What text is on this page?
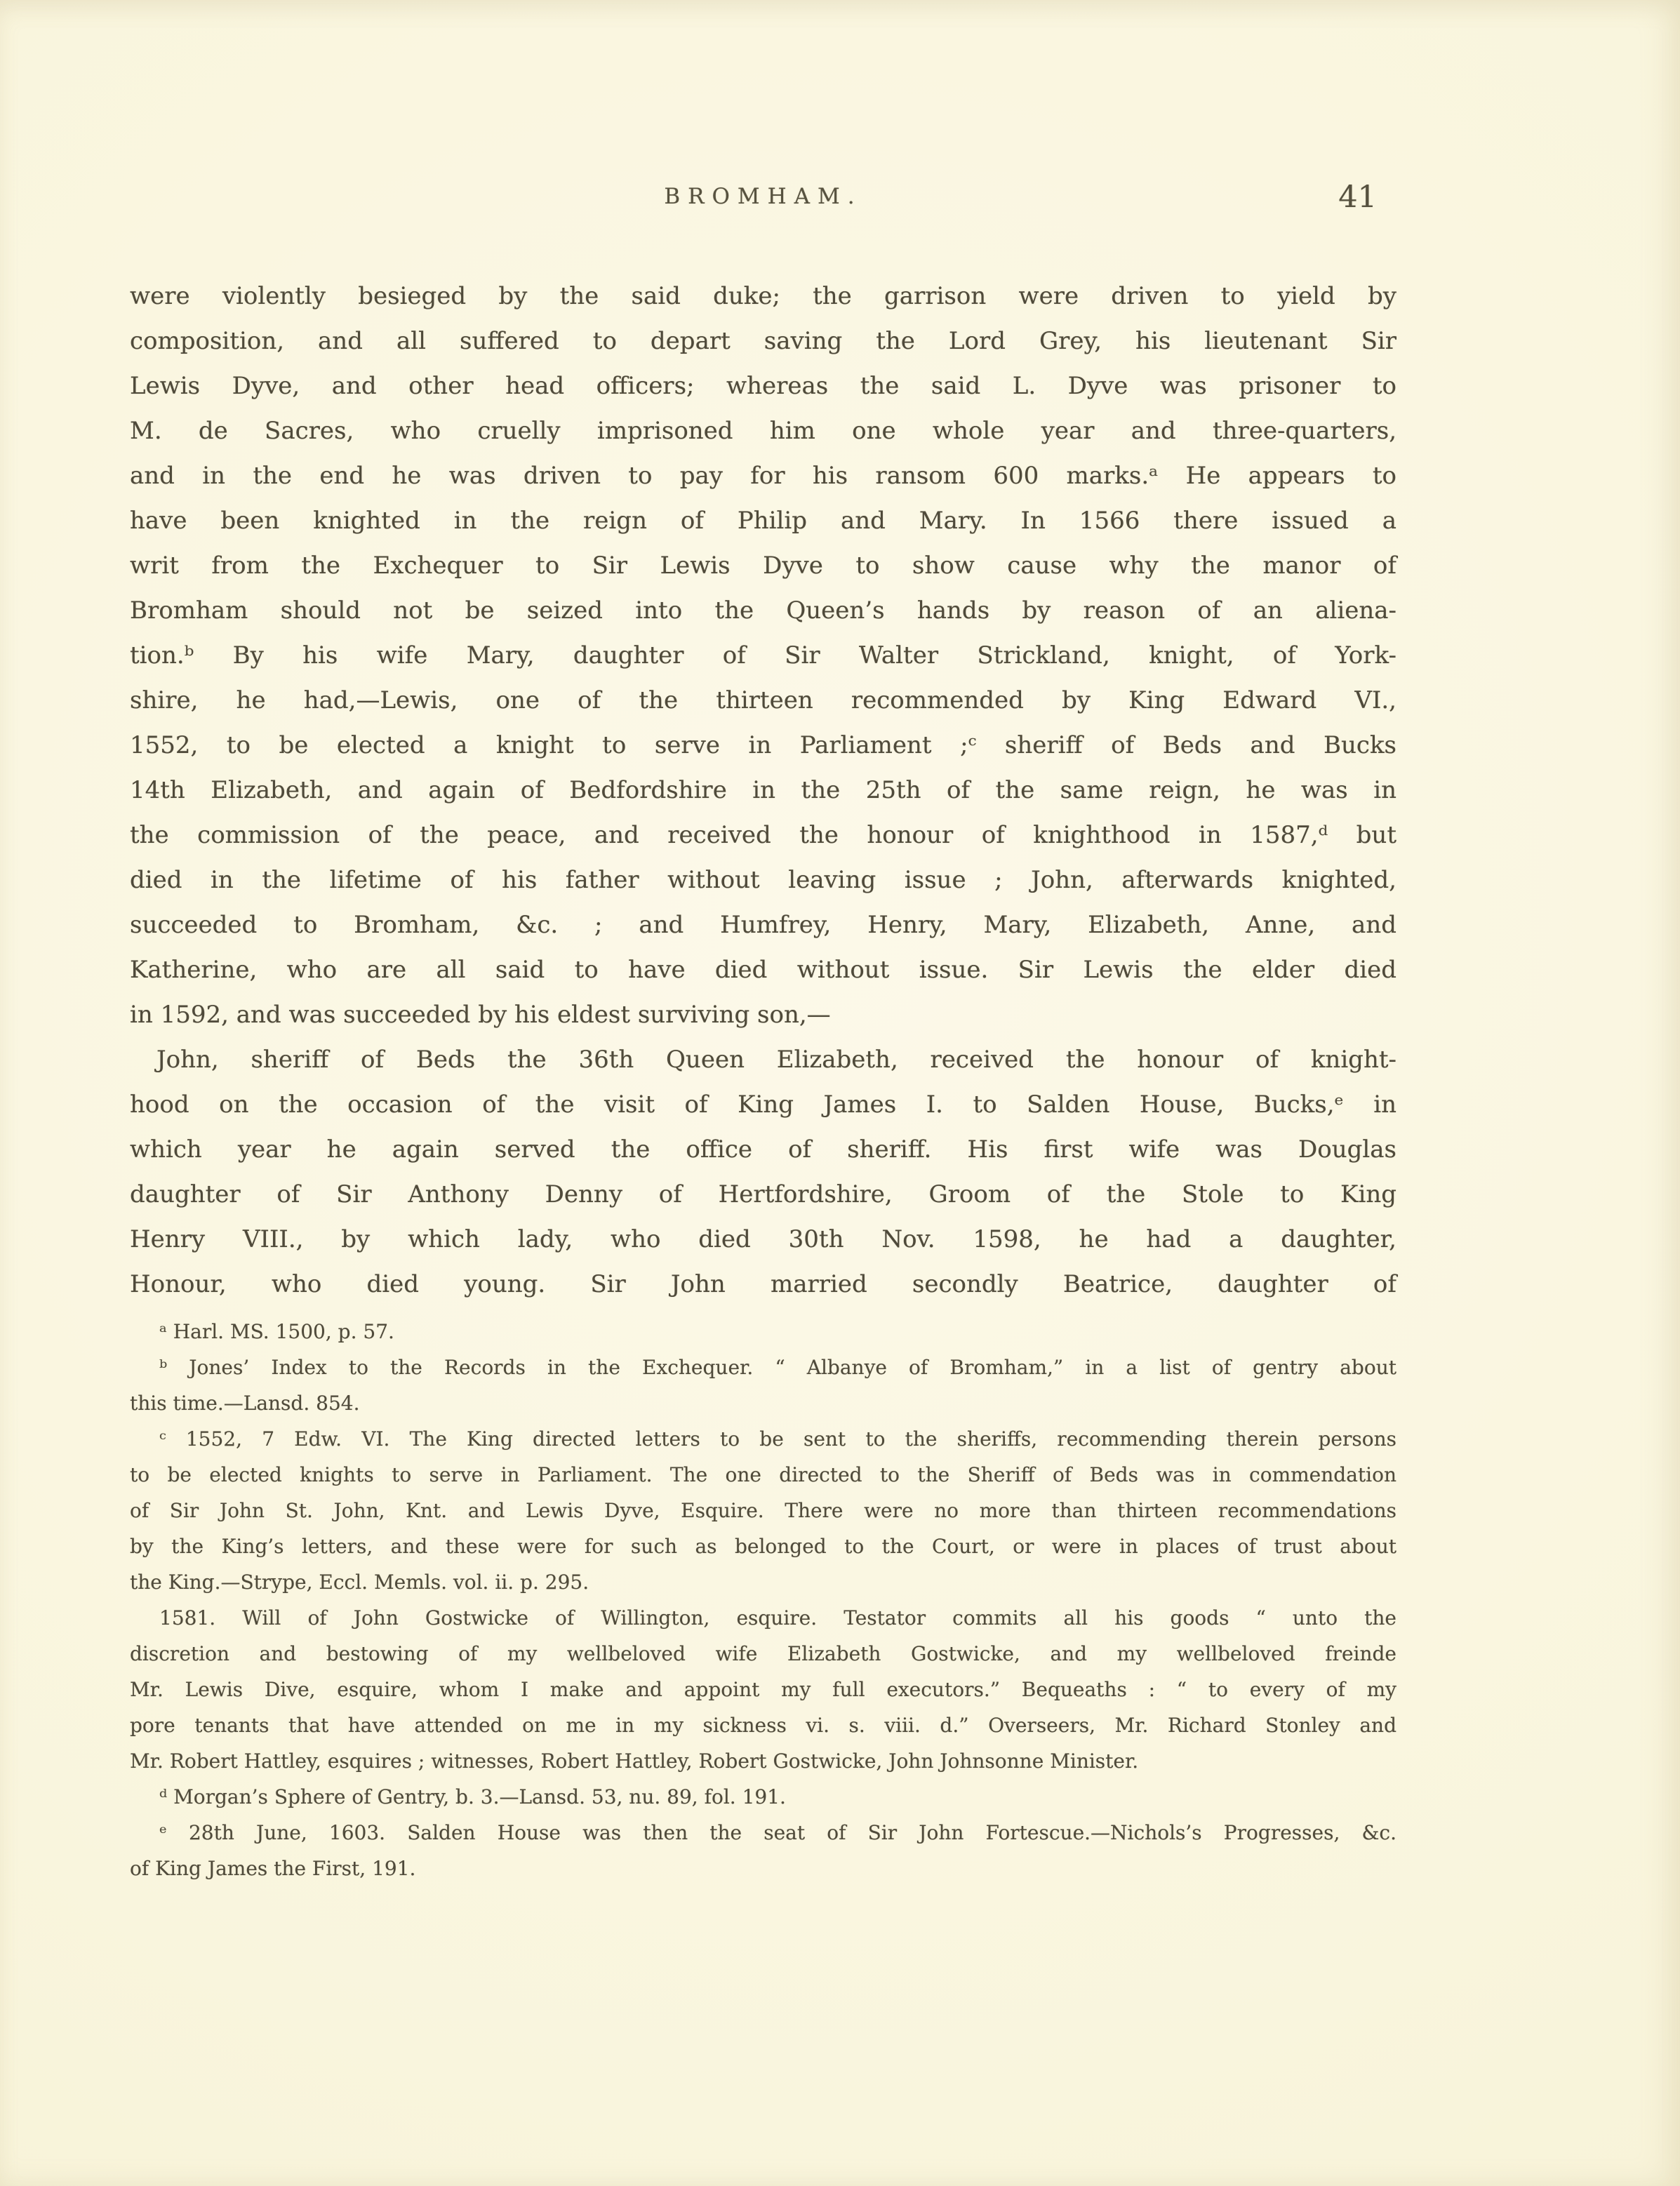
BROMHAM.	41
were violently besieged by the said duke; the garrison were driven to yield by
composition, and all suffered to depart saving the Lord Grey, his lieutenant Sir
Lewis Dyve, and other head officers; whereas the said L. Dyve was prisoner to
M. de Sacres, who cruelly imprisoned him one whole year and three-quarters,
and in the end he was driven to pay for his ransom 600 marks.ᵃ He appears to
have been knighted in the reign of Philip and Mary. In 1566 there issued a
writ from the Exchequer to Sir Lewis Dyve to show cause why the manor of
Bromham should not be seized into the Queen’s hands by reason of an aliena-
tion.ᵇ By his wife Mary, daughter of Sir Walter Strickland, knight, of York-
shire, he had,—Lewis, one of the thirteen recommended by King Edward VI.,
1552, to be elected a knight to serve in Parliament ;ᶜ sheriff of Beds and Bucks
14th Elizabeth, and again of Bedfordshire in the 25th of the same reign, he was in
the commission of the peace, and received the honour of knighthood in 1587,ᵈ but
died in the lifetime of his father without leaving issue ; John, afterwards knighted,
succeeded to Bromham, &c. ; and Humfrey, Henry, Mary, Elizabeth, Anne, and
Katherine, who are all said to have died without issue. Sir Lewis the elder died
in 1592, and was succeeded by his eldest surviving son,—
John, sheriff of Beds the 36th Queen Elizabeth, received the honour of knight-
hood on the occasion of the visit of King James I. to Salden House, Bucks,ᵉ in
which year he again served the office of sheriff. His first wife was Douglas
daughter of Sir Anthony Denny of Hertfordshire, Groom of the Stole to King
Henry VIII., by which lady, who died 30th Nov. 1598, he had a daughter,
Honour, who died young. Sir John married secondly Beatrice, daughter of
ᵃ Harl. MS. 1500, p. 57.
ᵇ Jones’ Index to the Records in the Exchequer. “ Albanye of Bromham,” in a list of gentry about
this time.—Lansd. 854.
ᶜ 1552, 7 Edw. VI. The King directed letters to be sent to the sheriffs, recommending therein persons
to be elected knights to serve in Parliament. The one directed to the Sheriff of Beds was in commendation
of Sir John St. John, Knt. and Lewis Dyve, Esquire. There were no more than thirteen recommendations
by the King’s letters, and these were for such as belonged to the Court, or were in places of trust about
the King.—Strype, Eccl. Memls. vol. ii. p. 295.
1581. Will of John Gostwicke of Willington, esquire. Testator commits all his goods “ unto the
discretion and bestowing of my wellbeloved wife Elizabeth Gostwicke, and my wellbeloved freinde
Mr. Lewis Dive, esquire, whom I make and appoint my full executors.” Bequeaths : “ to every of my
pore tenants that have attended on me in my sickness vi. s. viii. d.” Overseers, Mr. Richard Stonley and
Mr. Robert Hattley, esquires ; witnesses, Robert Hattley, Robert Gostwicke, John Johnsonne Minister.
ᵈ Morgan’s Sphere of Gentry, b. 3.—Lansd. 53, nu. 89, fol. 191.
ᵉ 28th June, 1603. Salden House was then the seat of Sir John Fortescue.—Nichols’s Progresses, &c.
of King James the First, 191.
